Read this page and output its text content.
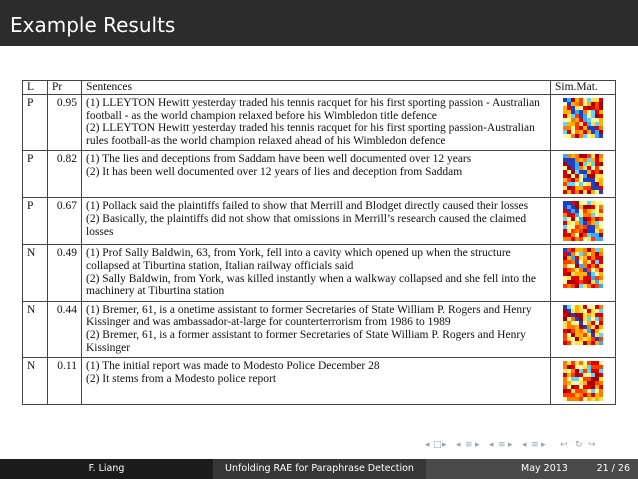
Example Results
L	Pr	Sentences	Sim.Mat.
P	0.95	(1) LLEYTON Hewitt yesterday traded his tennis racquet for his first sporting passion - Australian football - as the world champion relaxed before his Wimbledon title defence
(2) LLEYTON Hewitt yesterday traded his tennis racquet for his first sporting passion-Australian rules football-as the world champion relaxed ahead of his Wimbledon defence

P	0.82	(1) The lies and deceptions from Saddam have been well documented over 12 years
(2) It has been well documented over 12 years of lies and deception from Saddam

P	0.67	(1) Pollack said the plaintiffs failed to show that Merrill and Blodget directly caused their losses
(2) Basically, the plaintiffs did not show that omissions in Merrill’s research caused the claimed losses

N	0.49	(1) Prof Sally Baldwin, 63, from York, fell into a cavity which opened up when the structure collapsed at Tiburtina station, Italian railway officials said
(2) Sally Baldwin, from York, was killed instantly when a walkway collapsed and she fell into the machinery at Tiburtina station

N	0.44	(1) Bremer, 61, is a onetime assistant to former Secretaries of State William P. Rogers and Henry Kissinger and was ambassador-at-large for counterterrorism from 1986 to 1989
(2) Bremer, 61, is a former assistant to former Secretaries of State William P. Rogers and Henry Kissinger

N	0.11	(1) The initial report was made to Modesto Police December 28
(2) It stems from a Modesto police report

◂ □ ▸ ◂ ≡ ▸ ◂ ≡ ▸ ◂ ≡ ▸ ↩ ↻ ↪
F. Liang	Unfolding RAE for Paraphrase Detection	May 2013	21 / 26
